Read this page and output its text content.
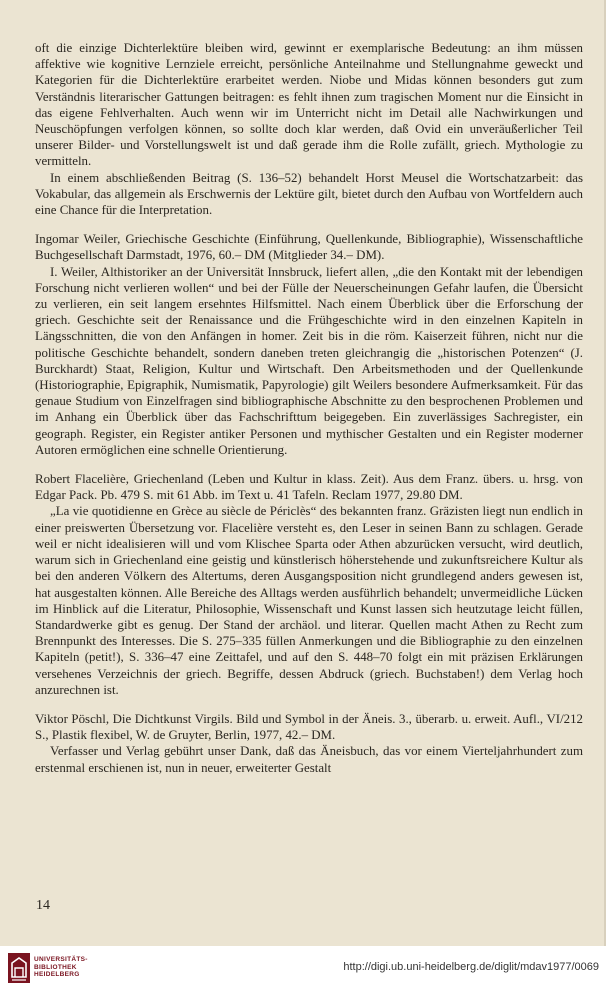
oft die einzige Dichterlektüre bleiben wird, gewinnt er exemplarische Bedeutung: an ihm müssen affektive wie kognitive Lernziele erreicht, persönliche Anteilnahme und Stellungnahme geweckt und Kategorien für die Dichterlektüre erarbeitet werden. Niobe und Midas können besonders gut zum Verständnis literarischer Gattungen beitragen: es fehlt ihnen zum tragischen Moment nur die Einsicht in das eigene Fehlverhalten. Auch wenn wir im Unterricht nicht im Detail alle Nachwirkungen und Neuschöpfungen verfolgen können, so sollte doch klar werden, daß Ovid ein unveräußerlicher Teil unserer Bilder- und Vorstellungswelt ist und daß gerade ihm die Rolle zufällt, griech. Mythologie zu vermitteln.

In einem abschließenden Beitrag (S. 136–52) behandelt Horst Meusel die Wortschatzarbeit: das Vokabular, das allgemein als Erschwernis der Lektüre gilt, bietet durch den Aufbau von Wortfeldern auch eine Chance für die Interpretation.

Ingomar Weiler, Griechische Geschichte (Einführung, Quellenkunde, Bibliographie), Wissenschaftliche Buchgesellschaft Darmstadt, 1976, 60.– DM (Mitglieder 34.– DM).

I. Weiler, Althistoriker an der Universität Innsbruck, liefert allen, „die den Kontakt mit der lebendigen Forschung nicht verlieren wollen“ und bei der Fülle der Neuerscheinungen Gefahr laufen, die Übersicht zu verlieren, ein seit langem ersehntes Hilfsmittel. Nach einem Überblick über die Erforschung der griech. Geschichte seit der Renaissance und die Frühgeschichte wird in den einzelnen Kapiteln in Längsschnitten, die von den Anfängen in homer. Zeit bis in die röm. Kaiserzeit führen, nicht nur die politische Geschichte behandelt, sondern daneben treten gleichrangig die „historischen Potenzen“ (J. Burckhardt) Staat, Religion, Kultur und Wirtschaft. Den Arbeitsmethoden und der Quellenkunde (Historiographie, Epigraphik, Numismatik, Papyrologie) gilt Weilers besondere Aufmerksamkeit. Für das genaue Studium von Einzelfragen sind bibliographische Abschnitte zu den besprochenen Problemen und im Anhang ein Überblick über das Fachschrifttum beigegeben. Ein zuverlässiges Sachregister, ein geograph. Register, ein Register antiker Personen und mythischer Gestalten und ein Register moderner Autoren ermöglichen eine schnelle Orientierung.

Robert Flacelière, Griechenland (Leben und Kultur in klass. Zeit). Aus dem Franz. übers. u. hrsg. von Edgar Pack. Pb. 479 S. mit 61 Abb. im Text u. 41 Tafeln. Reclam 1977, 29.80 DM.

„La vie quotidienne en Grèce au siècle de Périclès“ des bekannten franz. Gräzisten liegt nun endlich in einer preiswerten Übersetzung vor. Flacelière versteht es, den Leser in seinen Bann zu schlagen. Gerade weil er nicht idealisieren will und vom Klischee Sparta oder Athen abzurücken versucht, wird deutlich, warum sich in Griechenland eine geistig und künstlerisch höherstehende und zukunftsreichere Kultur als bei den anderen Völkern des Altertums, deren Ausgangsposition nicht grundlegend anders gewesen ist, hat ausgestalten können. Alle Bereiche des Alltags werden ausführlich behandelt; unvermeidliche Lücken im Hinblick auf die Literatur, Philosophie, Wissenschaft und Kunst lassen sich heutzutage leicht füllen, Standardwerke gibt es genug. Der Stand der archäol. und literar. Quellen macht Athen zu Recht zum Brennpunkt des Interesses. Die S. 275–335 füllen Anmerkungen und die Bibliographie zu den einzelnen Kapiteln (petit!), S. 336–47 eine Zeittafel, und auf den S. 448–70 folgt ein mit präzisen Erklärungen versehenes Verzeichnis der griech. Begriffe, dessen Abdruck (griech. Buchstaben!) dem Verlag hoch anzurechnen ist.

Viktor Pöschl, Die Dichtkunst Virgils. Bild und Symbol in der Äneis. 3., überarb. u. erweit. Aufl., VI/212 S., Plastik flexibel, W. de Gruyter, Berlin, 1977, 42.– DM.

Verfasser und Verlag gebührt unser Dank, daß das Äneisbuch, das vor einem Vierteljahrhundert zum erstenmal erschienen ist, nun in neuer, erweiterter Gestalt

14
UNIVERSITÄTS-BIBLIOTHEK HEIDELBERG
http://digi.ub.uni-heidelberg.de/diglit/mdav1977/0069
